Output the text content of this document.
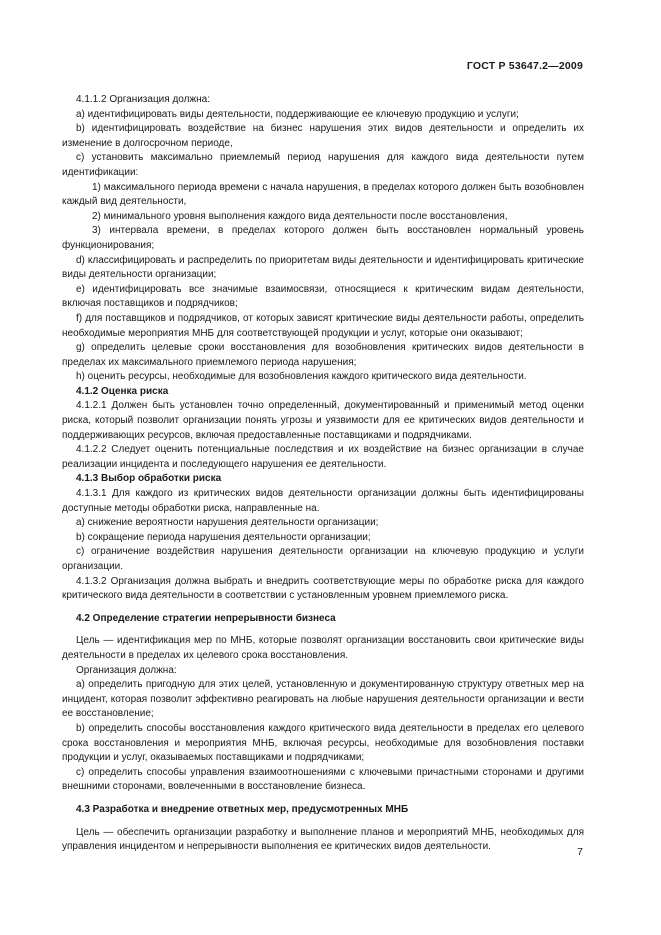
ГОСТ Р 53647.2—2009

4.1.1.2 Организация должна:

a) идентифицировать виды деятельности, поддерживающие ее ключевую продукцию и услуги;

b) идентифицировать воздействие на бизнес нарушения этих видов деятельности и определить их изменение в долгосрочном периоде,

c) установить максимально приемлемый период нарушения для каждого вида деятельности путем идентификации:

1) максимального периода времени с начала нарушения, в пределах которого должен быть возобновлен каждый вид деятельности,

2) минимального уровня выполнения каждого вида деятельности после восстановления,

3) интервала времени, в пределах которого должен быть восстановлен нормальный уровень функционирования;

d) классифицировать и распределить по приоритетам виды деятельности и идентифицировать критические виды деятельности организации;

e) идентифицировать все значимые взаимосвязи, относящиеся к критическим видам деятельности, включая поставщиков и подрядчиков;

f) для поставщиков и подрядчиков, от которых зависят критические виды деятельности работы, определить необходимые мероприятия МНБ для соответствующей продукции и услуг, которые они оказывают;

g) определить целевые сроки восстановления для возобновления критических видов деятельности в пределах их максимального приемлемого периода нарушения;

h) оценить ресурсы, необходимые для возобновления каждого критического вида деятельности.

4.1.2 Оценка риска

4.1.2.1 Должен быть установлен точно определенный, документированный и применимый метод оценки риска, который позволит организации понять угрозы и уязвимости для ее критических видов деятельности и поддерживающих ресурсов, включая предоставленные поставщиками и подрядчиками.

4.1.2.2 Следует оценить потенциальные последствия и их воздействие на бизнес организации в случае реализации инцидента и последующего нарушения ее деятельности.

4.1.3 Выбор обработки риска

4.1.3.1 Для каждого из критических видов деятельности организации должны быть идентифицированы доступные методы обработки риска, направленные на.

a) снижение вероятности нарушения деятельности организации;

b) сокращение периода нарушения деятельности организации;

c) ограничение воздействия нарушения деятельности организации на ключевую продукцию и услуги организации.

4.1.3.2 Организация должна выбрать и внедрить соответствующие меры по обработке риска для каждого критического вида деятельности в соответствии с установленным уровнем приемлемого риска.

4.2 Определение стратегии непрерывности бизнеса

Цель — идентификация мер по МНБ, которые позволят организации восстановить свои критические виды деятельности в пределах их целевого срока восстановления.

Организация должна:

a) определить пригодную для этих целей, установленную и документированную структуру ответных мер на инцидент, которая позволит эффективно реагировать на любые нарушения деятельности организации и вести ее восстановление;

b) определить способы восстановления каждого критического вида деятельности в пределах его целевого срока восстановления и мероприятия МНБ, включая ресурсы, необходимые для возобновления поставки продукции и услуг, оказываемых поставщиками и подрядчиками;

c) определить способы управления взаимоотношениями с ключевыми причастными сторонами и другими внешними сторонами, вовлеченными в восстановление бизнеса.

4.3 Разработка и внедрение ответных мер, предусмотренных МНБ

Цель — обеспечить организации разработку и выполнение планов и мероприятий МНБ, необходимых для управления инцидентом и непрерывности выполнения ее критических видов деятельности.	7
